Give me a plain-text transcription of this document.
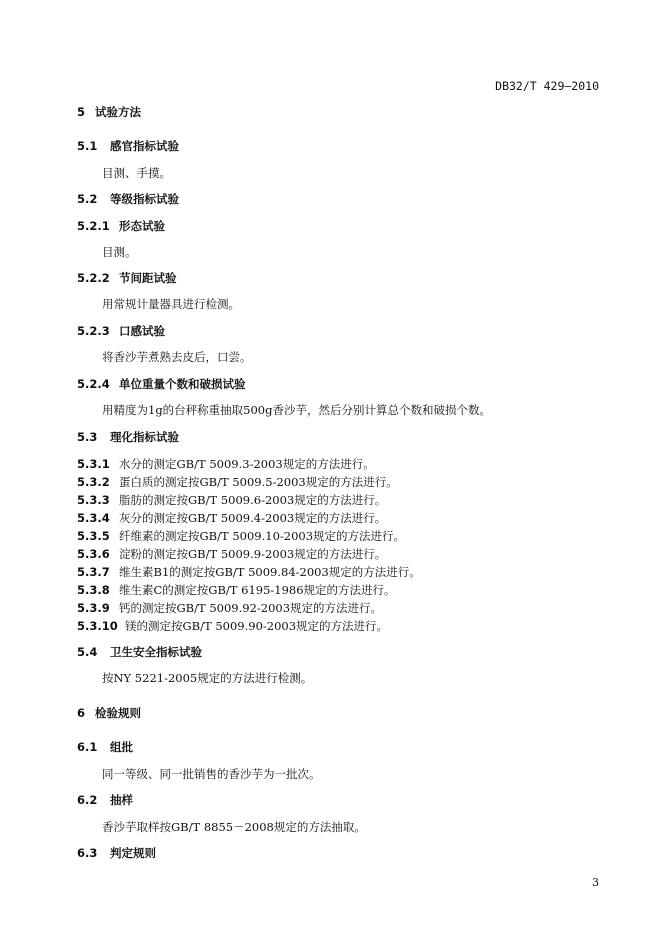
DB32/T 429—2010
5 试验方法
5.1 感官指标试验
目测、手摸。
5.2 等级指标试验
5.2.1 形态试验
目测。
5.2.2 节间距试验
用常规计量器具进行检测。
5.2.3 口感试验
将香沙芋煮熟去皮后，口尝。
5.2.4 单位重量个数和破损试验
用精度为1g的台秤称重抽取500g香沙芋，然后分别计算总个数和破损个数。
5.3 理化指标试验
5.3.1 水分的测定GB/T 5009.3-2003规定的方法进行。
5.3.2 蛋白质的测定按GB/T 5009.5-2003规定的方法进行。
5.3.3 脂肪的测定按GB/T 5009.6-2003规定的方法进行。
5.3.4 灰分的测定按GB/T 5009.4-2003规定的方法进行。
5.3.5 纤维素的测定按GB/T 5009.10-2003规定的方法进行。
5.3.6 淀粉的测定按GB/T 5009.9-2003规定的方法进行。
5.3.7 维生素B1的测定按GB/T 5009.84-2003规定的方法进行。
5.3.8 维生素C的测定按GB/T 6195-1986规定的方法进行。
5.3.9 钙的测定按GB/T 5009.92-2003规定的方法进行。
5.3.10 镁的测定按GB/T 5009.90-2003规定的方法进行。
5.4 卫生安全指标试验
按NY 5221-2005规定的方法进行检测。
6 检验规则
6.1 组批
同一等级、同一批销售的香沙芋为一批次。
6.2 抽样
香沙芋取样按GB/T 8855－2008规定的方法抽取。
6.3 判定规则
3
